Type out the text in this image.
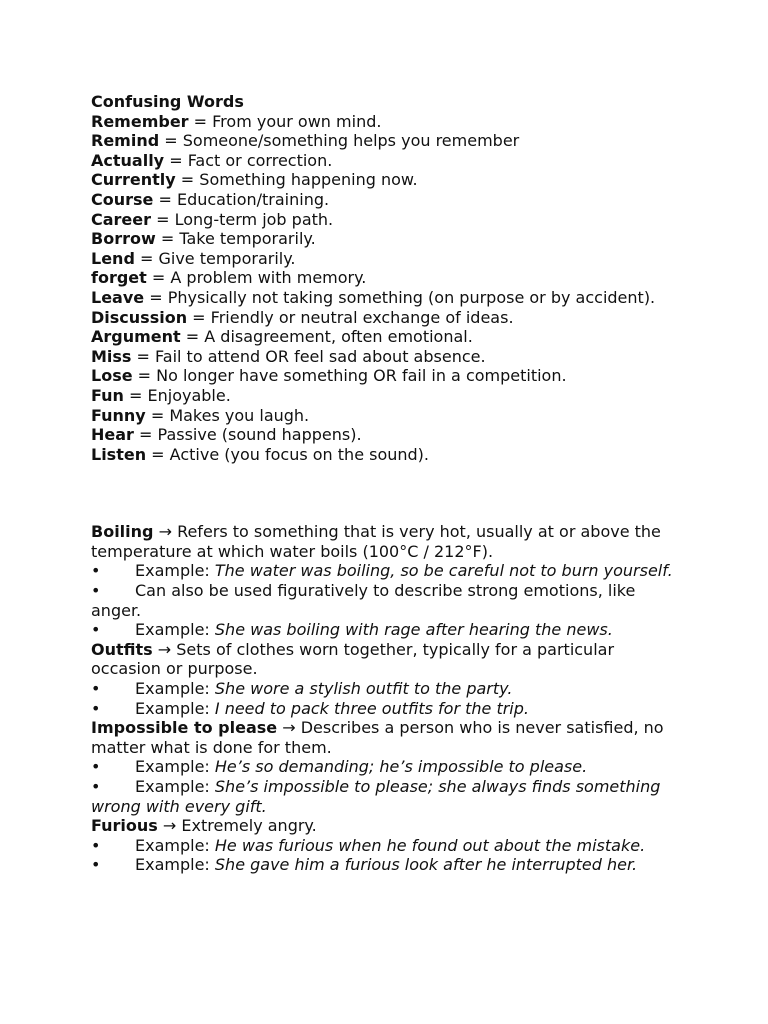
Confusing Words

Remember = From your own mind.

Remind = Someone/something helps you remember

Actually = Fact or correction.

Currently = Something happening now.

Course = Education/training.

Career = Long-term job path.

Borrow = Take temporarily.

Lend = Give temporarily.

forget = A problem with memory.

Leave = Physically not taking something (on purpose or by accident).

Discussion = Friendly or neutral exchange of ideas.

Argument = A disagreement, often emotional.

Miss = Fail to attend OR feel sad about absence.

Lose = No longer have something OR fail in a competition.

Fun = Enjoyable.

Funny = Makes you laugh.

Hear = Passive (sound happens).

Listen = Active (you focus on the sound).

Boiling → Refers to something that is very hot, usually at or above the temperature at which water boils (100°C / 212°F).

• Example: The water was boiling, so be careful not to burn yourself.

• Can also be used figuratively to describe strong emotions, like anger.

• Example: She was boiling with rage after hearing the news.

Outfits → Sets of clothes worn together, typically for a particular occasion or purpose.

• Example: She wore a stylish outfit to the party.

• Example: I need to pack three outfits for the trip.

Impossible to please → Describes a person who is never satisfied, no matter what is done for them.

• Example: He’s so demanding; he’s impossible to please.

• Example: She’s impossible to please; she always finds something wrong with every gift.

Furious → Extremely angry.

• Example: He was furious when he found out about the mistake.

• Example: She gave him a furious look after he interrupted her.
